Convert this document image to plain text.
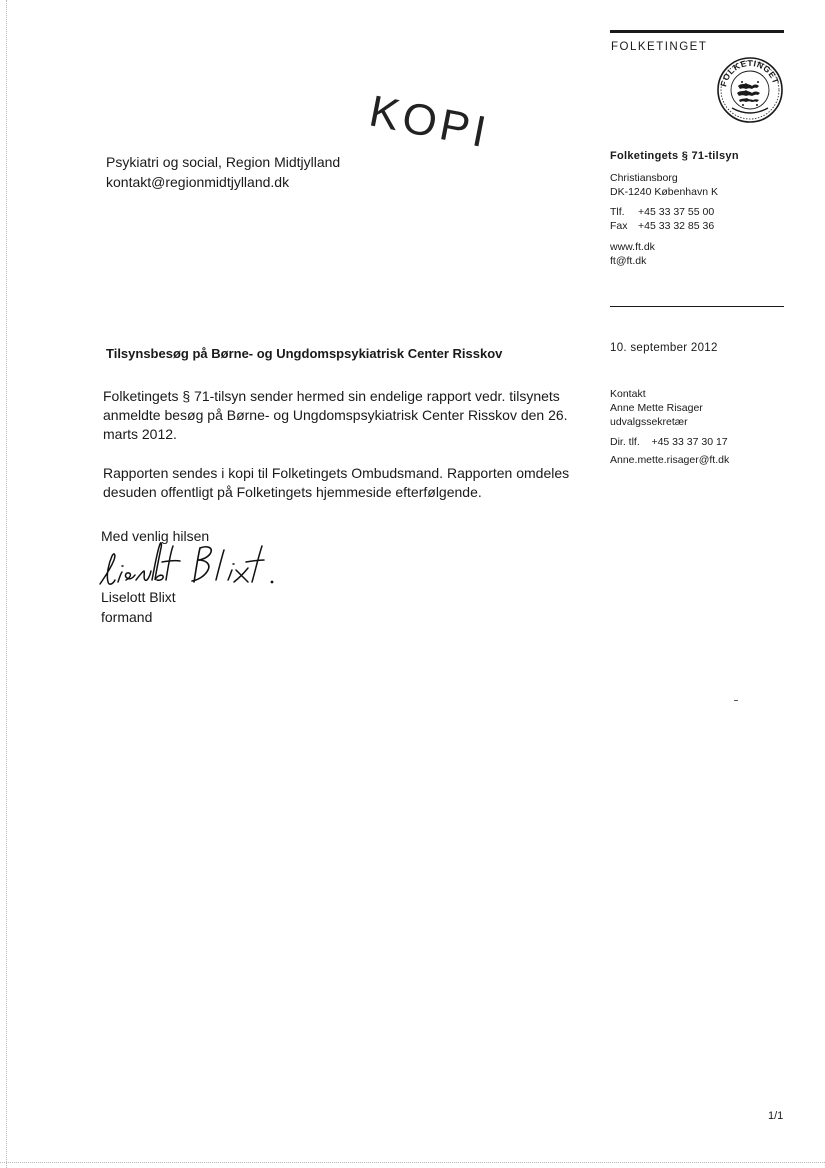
KOPI
Psykiatri og social, Region Midtjylland
kontakt@regionmidtjylland.dk
FOLKETINGET
FOLKETINGET
Folketingets § 71-tilsyn
Christiansborg
DK-1240 København K
Tlf. +45 33 37 55 00
Fax +45 33 32 85 36
www.ft.dk
ft@ft.dk
10. september 2012
Kontakt
Anne Mette Risager
udvalgssekretær
Dir. tlf. +45 33 37 30 17
Anne.mette.risager@ft.dk
Tilsynsbesøg på Børne- og Ungdomspsykiatrisk Center Risskov
Folketingets § 71-tilsyn sender hermed sin endelige rapport vedr. tilsynets anmeldte besøg på Børne- og Ungdomspsykiatrisk Center Risskov den 26. marts 2012.
Rapporten sendes i kopi til Folketingets Ombudsmand. Rapporten omdeles desuden offentligt på Folketingets hjemmeside efterfølgende.
Med venlig hilsen
Liselott Blixt
formand
1/1
